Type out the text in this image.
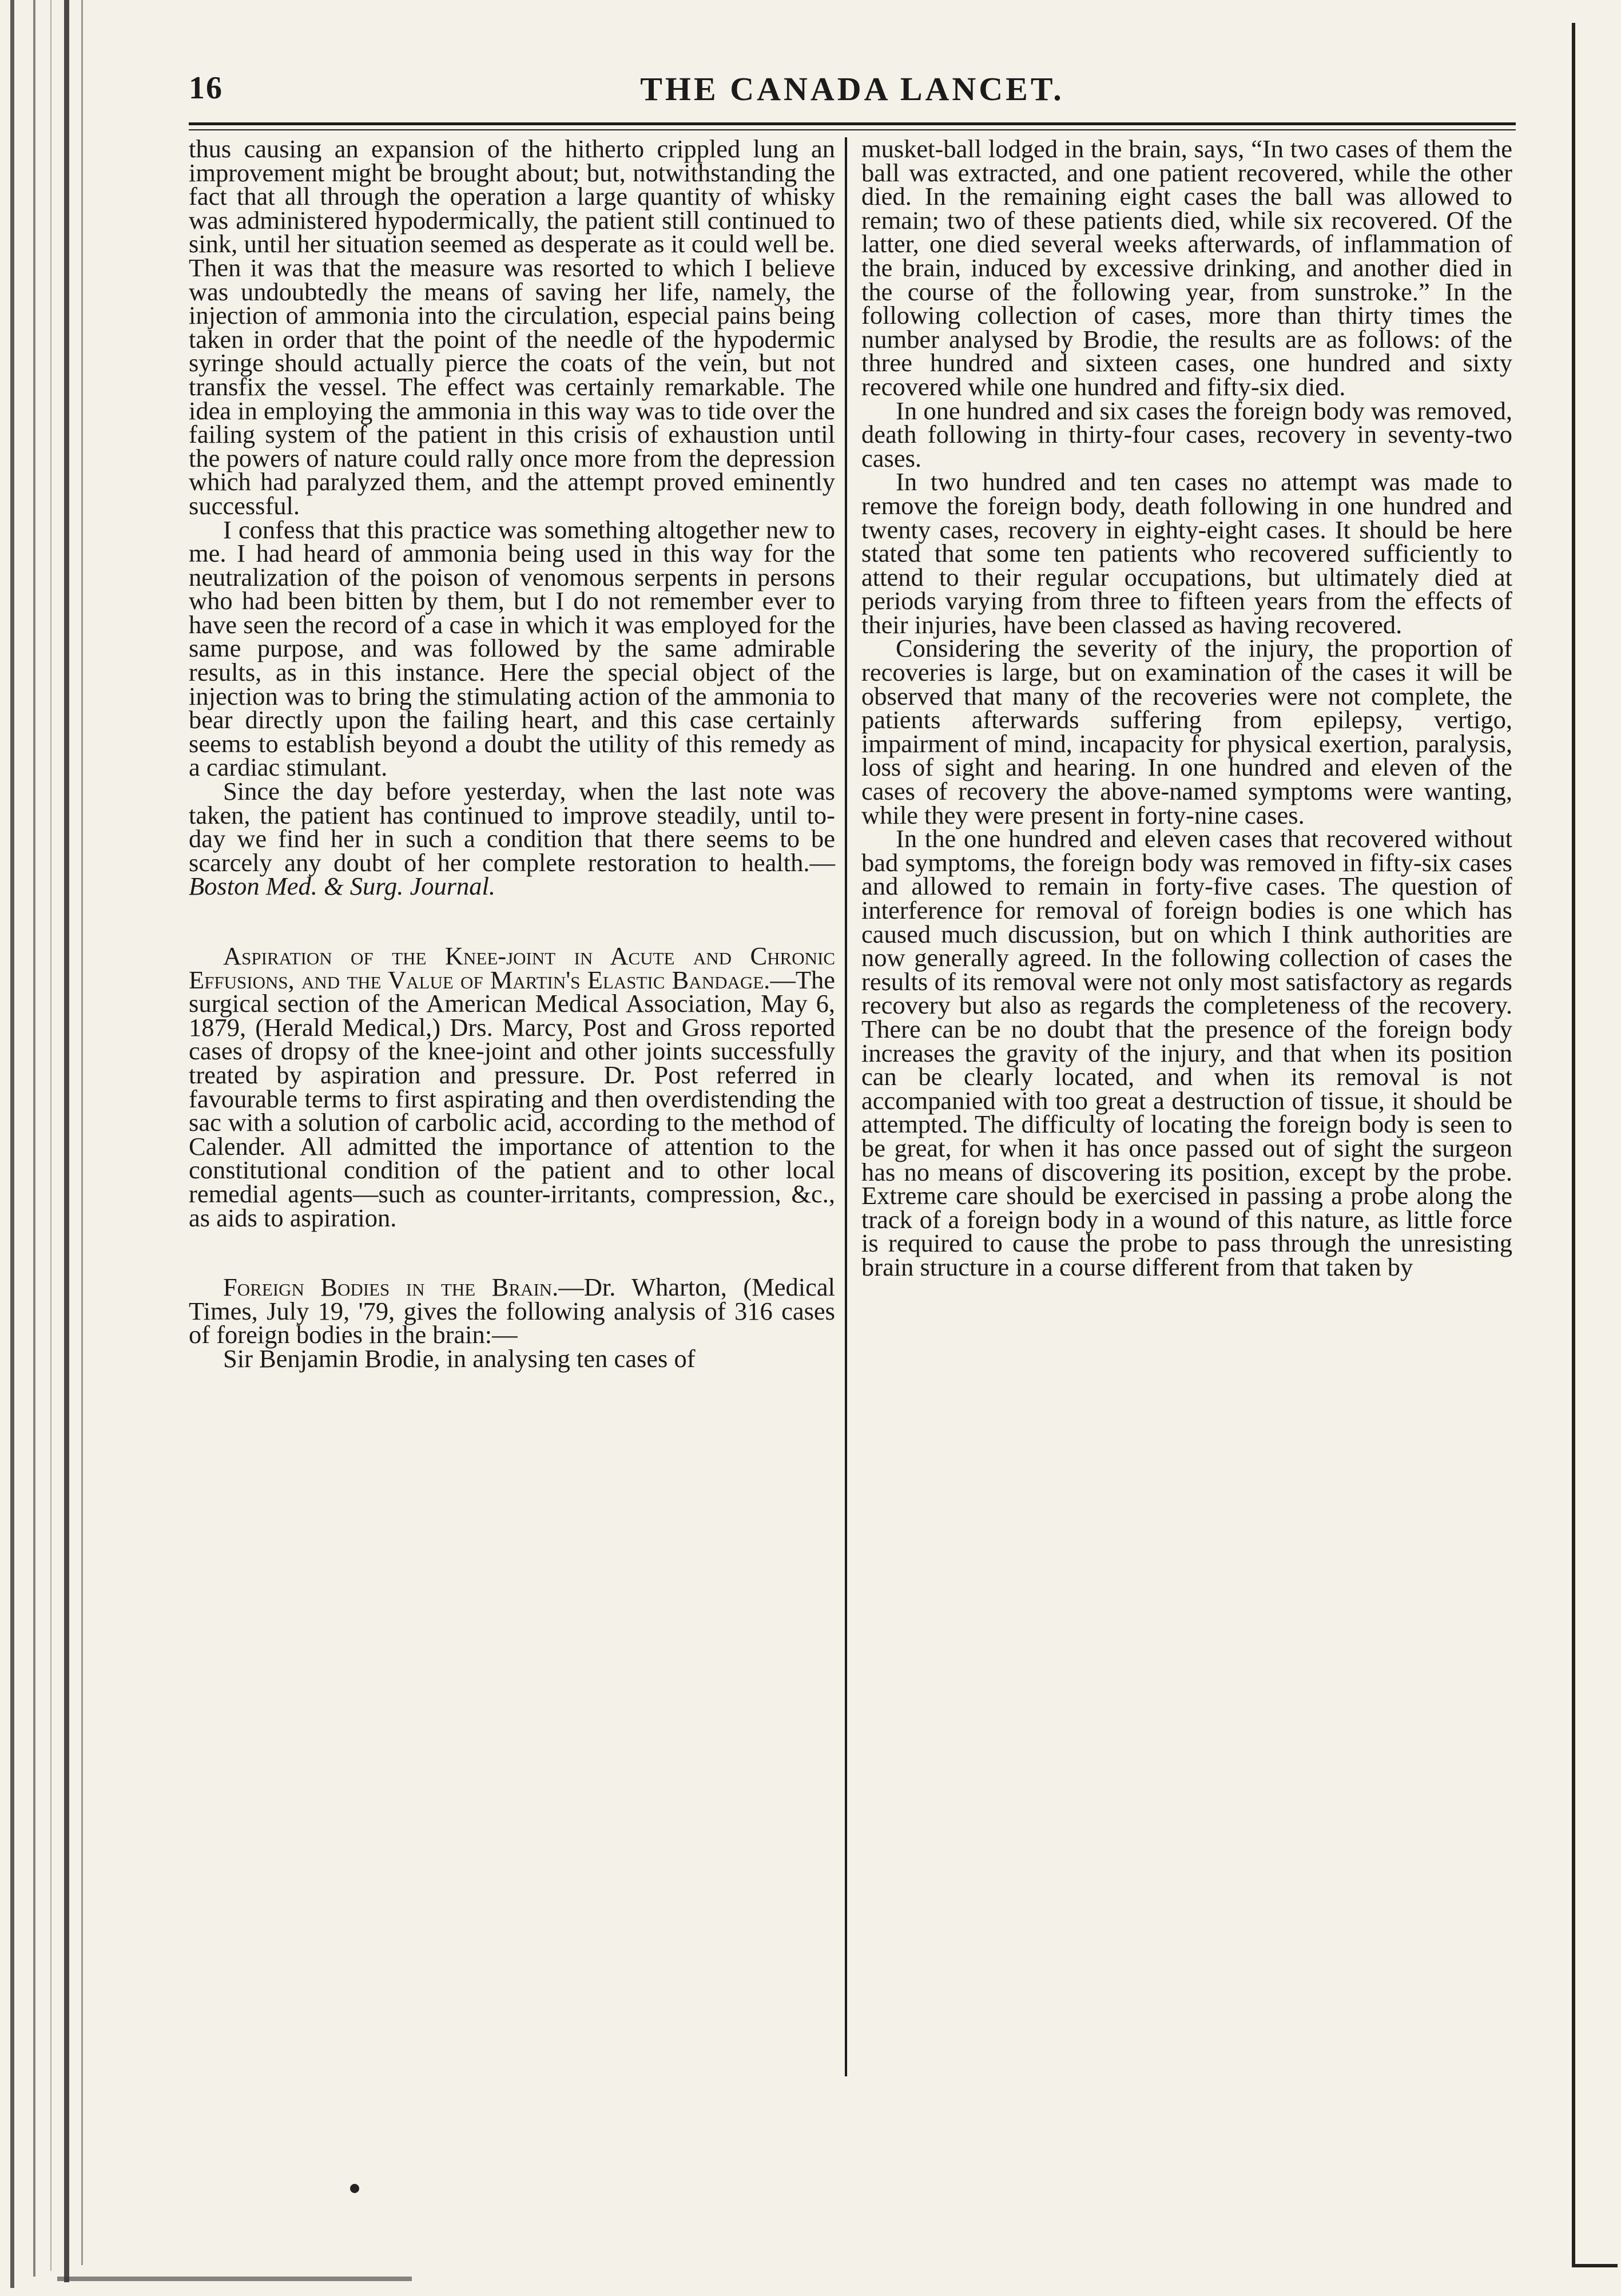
THE CANADA LANCET.
16

thus causing an expansion of the hitherto crippled lung an improvement might be brought about; but, notwithstanding the fact that all through the operation a large quantity of whisky was administered hypodermically, the patient still continued to sink, until her situation seemed as desperate as it could well be. Then it was that the measure was resorted to which I believe was undoubtedly the means of saving her life, namely, the injection of ammonia into the circulation, especial pains being taken in order that the point of the needle of the hypodermic syringe should actually pierce the coats of the vein, but not transfix the vessel. The effect was certainly remarkable. The idea in employing the ammonia in this way was to tide over the failing system of the patient in this crisis of exhaustion until the powers of nature could rally once more from the depression which had paralyzed them, and the attempt proved eminently successful.

I confess that this practice was something altogether new to me. I had heard of ammonia being used in this way for the neutralization of the poison of venomous serpents in persons who had been bitten by them, but I do not remember ever to have seen the record of a case in which it was employed for the same purpose, and was followed by the same admirable results, as in this instance. Here the special object of the injection was to bring the stimulating action of the ammonia to bear directly upon the failing heart, and this case certainly seems to establish beyond a doubt the utility of this remedy as a cardiac stimulant.

Since the day before yesterday, when the last note was taken, the patient has continued to improve steadily, until to-day we find her in such a condition that there seems to be scarcely any doubt of her complete restoration to health.— Boston Med. & Surg. Journal.

Aspiration of the Knee-joint in Acute and Chronic Effusions, and the Value of Martin's Elastic Bandage.—The surgical section of the American Medical Association, May 6, 1879, (Herald Medical,) Drs. Marcy, Post and Gross reported cases of dropsy of the knee-joint and other joints successfully treated by aspiration and pressure. Dr. Post referred in favourable terms to first aspirating and then overdistending the sac with a solution of carbolic acid, according to the method of Calender. All admitted the importance of attention to the constitutional condition of the patient and to other local remedial agents—such as counter-irritants, compression, &c., as aids to aspiration.

Foreign Bodies in the Brain.—Dr. Wharton, (Medical Times, July 19, '79, gives the following analysis of 316 cases of foreign bodies in the brain:—

Sir Benjamin Brodie, in analysing ten cases of

musket-ball lodged in the brain, says, “In two cases of them the ball was extracted, and one patient recovered, while the other died. In the remaining eight cases the ball was allowed to remain; two of these patients died, while six recovered. Of the latter, one died several weeks afterwards, of inflammation of the brain, induced by excessive drinking, and another died in the course of the following year, from sunstroke.” In the following collection of cases, more than thirty times the number analysed by Brodie, the results are as follows: of the three hundred and sixteen cases, one hundred and sixty recovered while one hundred and fifty-six died.

In one hundred and six cases the foreign body was removed, death following in thirty-four cases, recovery in seventy-two cases.

In two hundred and ten cases no attempt was made to remove the foreign body, death following in one hundred and twenty cases, recovery in eighty-eight cases. It should be here stated that some ten patients who recovered sufficiently to attend to their regular occupations, but ultimately died at periods varying from three to fifteen years from the effects of their injuries, have been classed as having recovered.

Considering the severity of the injury, the proportion of recoveries is large, but on examination of the cases it will be observed that many of the recoveries were not complete, the patients afterwards suffering from epilepsy, vertigo, impairment of mind, incapacity for physical exertion, paralysis, loss of sight and hearing. In one hundred and eleven of the cases of recovery the above-named symptoms were wanting, while they were present in forty-nine cases.

In the one hundred and eleven cases that recovered without bad symptoms, the foreign body was removed in fifty-six cases and allowed to remain in forty-five cases. The question of interference for removal of foreign bodies is one which has caused much discussion, but on which I think authorities are now generally agreed. In the following collection of cases the results of its removal were not only most satisfactory as regards recovery but also as regards the completeness of the recovery. There can be no doubt that the presence of the foreign body increases the gravity of the injury, and that when its position can be clearly located, and when its removal is not accompanied with too great a destruction of tissue, it should be attempted. The difficulty of locating the foreign body is seen to be great, for when it has once passed out of sight the surgeon has no means of discovering its position, except by the probe. Extreme care should be exercised in passing a probe along the track of a foreign body in a wound of this nature, as little force is required to cause the probe to pass through the unresisting brain structure in a course different from that taken by
